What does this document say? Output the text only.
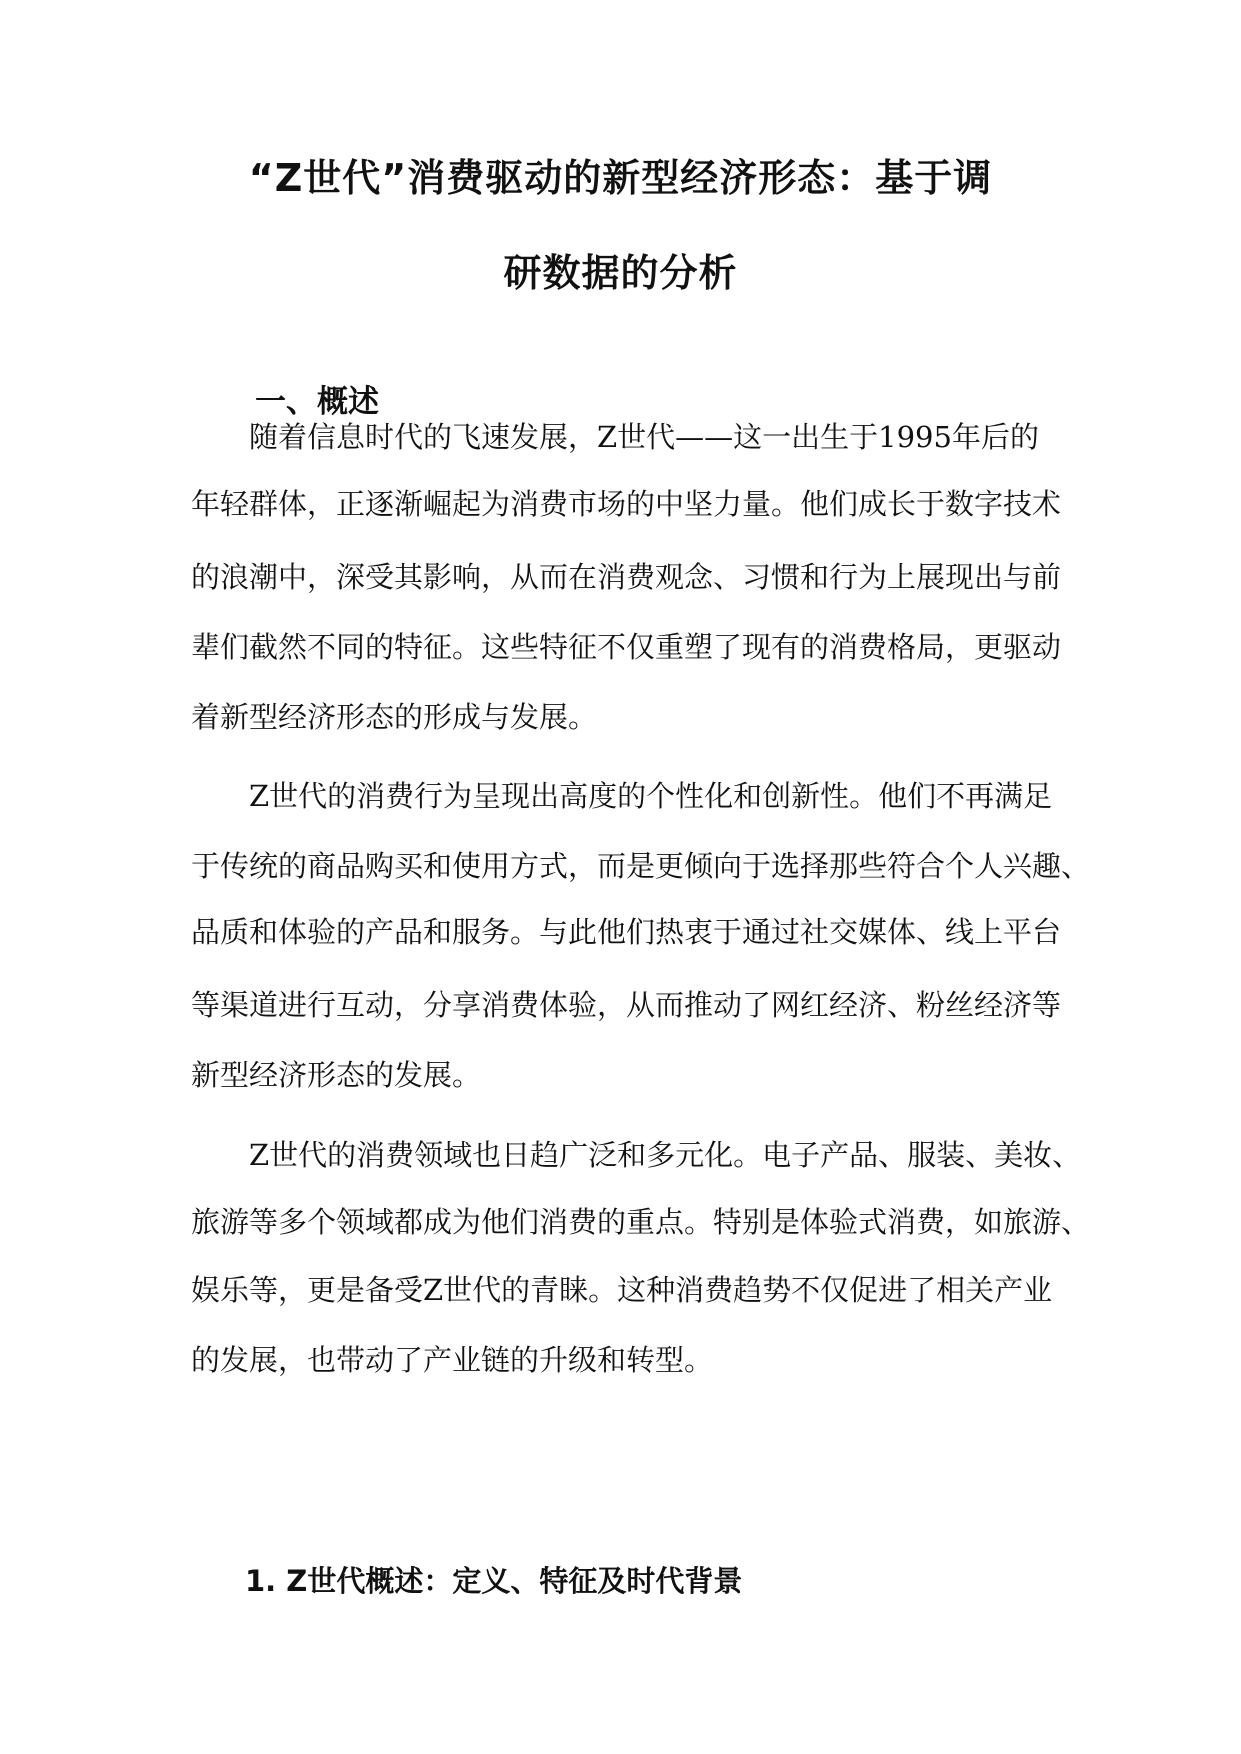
“Z世代”消费驱动的新型经济形态：基于调
研数据的分析
一、概述
随着信息时代的飞速发展，Z世代——这一出生于1995年后的
年轻群体，正逐渐崛起为消费市场的中坚力量。他们成长于数字技术
的浪潮中，深受其影响，从而在消费观念、习惯和行为上展现出与前
辈们截然不同的特征。这些特征不仅重塑了现有的消费格局，更驱动
着新型经济形态的形成与发展。
Z世代的消费行为呈现出高度的个性化和创新性。他们不再满足
于传统的商品购买和使用方式，而是更倾向于选择那些符合个人兴趣、
品质和体验的产品和服务。与此他们热衷于通过社交媒体、线上平台
等渠道进行互动，分享消费体验，从而推动了网红经济、粉丝经济等
新型经济形态的发展。
Z世代的消费领域也日趋广泛和多元化。电子产品、服装、美妆、
旅游等多个领域都成为他们消费的重点。特别是体验式消费，如旅游、
娱乐等，更是备受Z世代的青睐。这种消费趋势不仅促进了相关产业
的发展，也带动了产业链的升级和转型。
1. Z世代概述：定义、特征及时代背景
